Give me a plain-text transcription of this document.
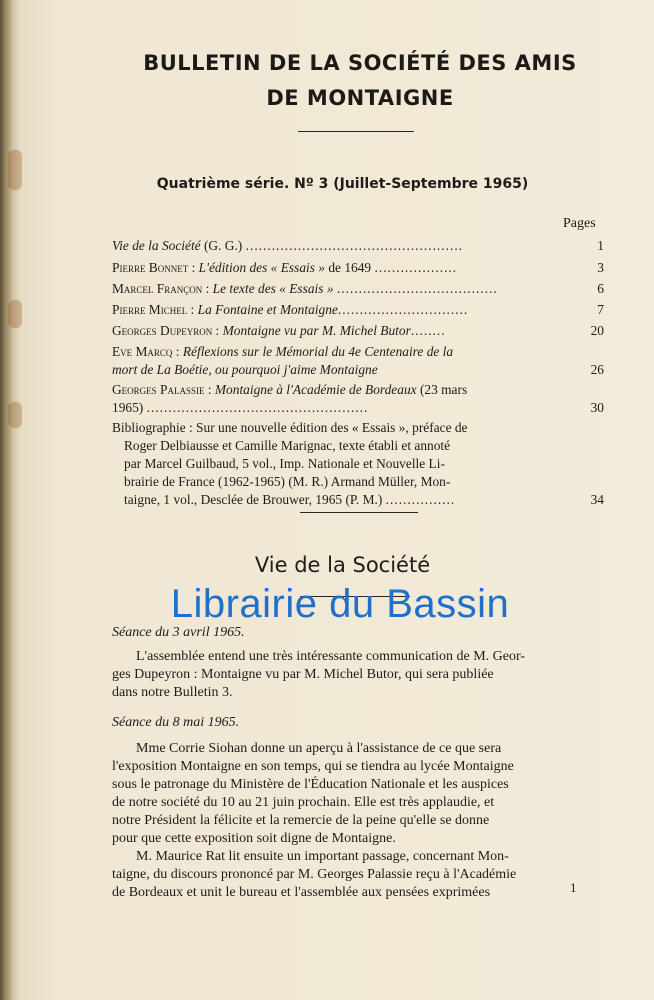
BULLETIN DE LA SOCIÉTÉ DES AMIS
DE MONTAIGNE
Quatrième série. Nº 3 (Juillet-Septembre 1965)
Pages
Vie de la Société (G. G.) ..................................................	1
Pierre Bonnet : L'édition des « Essais » de 1649 ...................	3
Marcel Françon : Le texte des « Essais » .....................................	6
Pierre Michel : La Fontaine et Montaigne..............................	7
Georges Dupeyron : Montaigne vu par M. Michel Butor........	20
Eve Marcq : Réflexions sur le Mémorial du 4e Centenaire de la
mort de La Boétie, ou pourquoi j'aime Montaigne	26
Georges Palassie : Montaigne à l'Académie de Bordeaux (23 mars
1965) ...................................................	30
Bibliographie : Sur une nouvelle édition des « Essais », préface de
Roger Delbiausse et Camille Marignac, texte établi et annoté
par Marcel Guilbaud, 5 vol., Imp. Nationale et Nouvelle Li-
brairie de France (1962-1965) (M. R.) Armand Müller, Mon-
taigne, 1 vol., Desclée de Brouwer, 1965 (P. M.) ................	34
Vie de la Société
Librairie du Bassin
Séance du 3 avril 1965.
L'assemblée entend une très intéressante communication de M. Geor-
ges Dupeyron : Montaigne vu par M. Michel Butor, qui sera publiée
dans notre Bulletin 3.
Séance du 8 mai 1965.
Mme Corrie Siohan donne un aperçu à l'assistance de ce que sera
l'exposition Montaigne en son temps, qui se tiendra au lycée Montaigne
sous le patronage du Ministère de l'Éducation Nationale et les auspices
de notre société du 10 au 21 juin prochain. Elle est très applaudie, et
notre Président la félicite et la remercie de la peine qu'elle se donne
pour que cette exposition soit digne de Montaigne.
M. Maurice Rat lit ensuite un important passage, concernant Mon-
taigne, du discours prononcé par M. Georges Palassie reçu à l'Académie
de Bordeaux et unit le bureau et l'assemblée aux pensées exprimées	1
